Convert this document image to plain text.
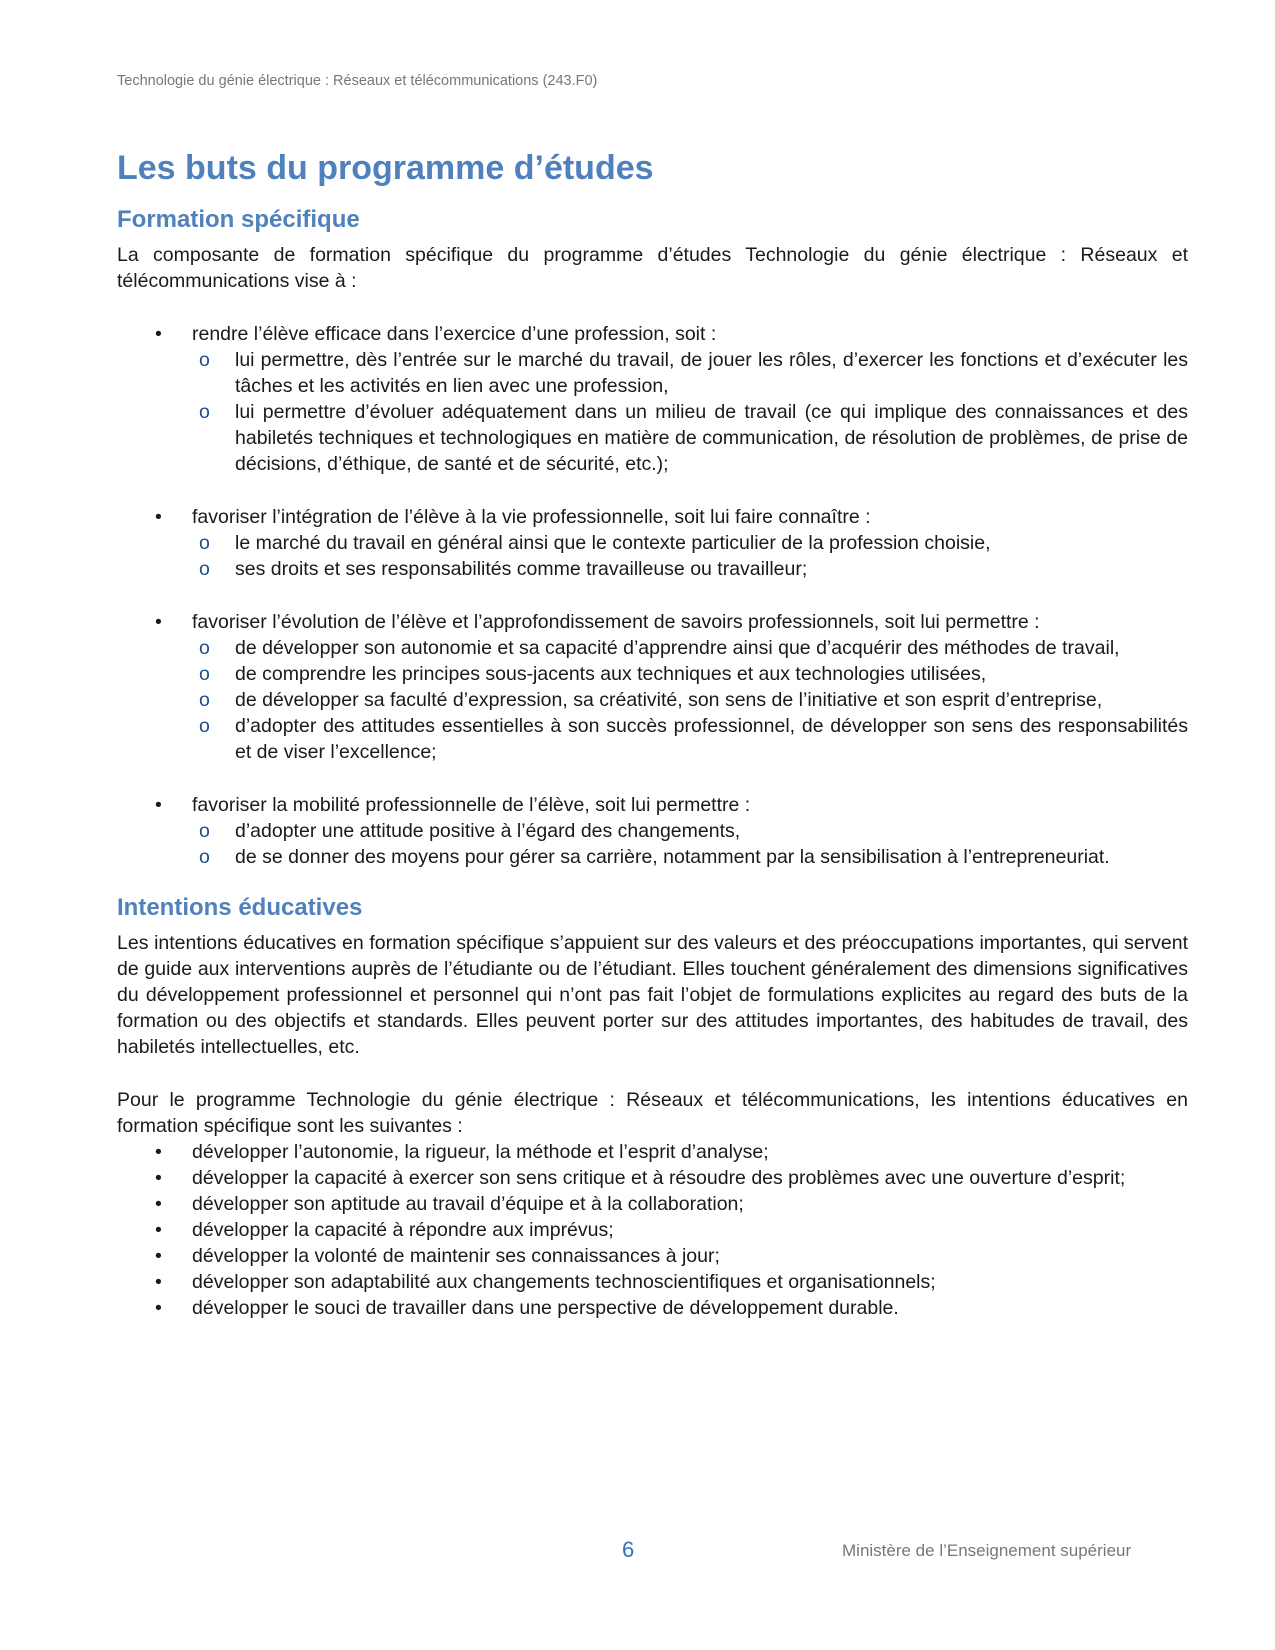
Technologie du génie électrique : Réseaux et télécommunications (243.F0)
Les buts du programme d’études
Formation spécifique

La composante de formation spécifique du programme d’études Technologie du génie électrique : Réseaux et télécommunications vise à :

• rendre l’élève efficace dans l’exercice d’une profession, soit :
o lui permettre, dès l’entrée sur le marché du travail, de jouer les rôles, d’exercer les fonctions et d’exécuter les tâches et les activités en lien avec une profession,
o lui permettre d’évoluer adéquatement dans un milieu de travail (ce qui implique des connaissances et des habiletés techniques et technologiques en matière de communication, de résolution de problèmes, de prise de décisions, d’éthique, de santé et de sécurité, etc.);
• favoriser l’intégration de l’élève à la vie professionnelle, soit lui faire connaître :
o le marché du travail en général ainsi que le contexte particulier de la profession choisie,
o ses droits et ses responsabilités comme travailleuse ou travailleur;
• favoriser l’évolution de l’élève et l’approfondissement de savoirs professionnels, soit lui permettre :
o de développer son autonomie et sa capacité d’apprendre ainsi que d’acquérir des méthodes de travail,
o de comprendre les principes sous-jacents aux techniques et aux technologies utilisées,
o de développer sa faculté d’expression, sa créativité, son sens de l’initiative et son esprit d’entreprise,
o d’adopter des attitudes essentielles à son succès professionnel, de développer son sens des responsabilités et de viser l’excellence;
• favoriser la mobilité professionnelle de l’élève, soit lui permettre :
o d’adopter une attitude positive à l’égard des changements,
o de se donner des moyens pour gérer sa carrière, notamment par la sensibilisation à l’entrepreneuriat.
Intentions éducatives

Les intentions éducatives en formation spécifique s’appuient sur des valeurs et des préoccupations importantes, qui servent de guide aux interventions auprès de l’étudiante ou de l’étudiant. Elles touchent généralement des dimensions significatives du développement professionnel et personnel qui n’ont pas fait l’objet de formulations explicites au regard des buts de la formation ou des objectifs et standards. Elles peuvent porter sur des attitudes importantes, des habitudes de travail, des habiletés intellectuelles, etc.

Pour le programme Technologie du génie électrique : Réseaux et télécommunications, les intentions éducatives en formation spécifique sont les suivantes :

• développer l’autonomie, la rigueur, la méthode et l’esprit d’analyse;
• développer la capacité à exercer son sens critique et à résoudre des problèmes avec une ouverture d’esprit;
• développer son aptitude au travail d’équipe et à la collaboration;
• développer la capacité à répondre aux imprévus;
• développer la volonté de maintenir ses connaissances à jour;
• développer son adaptabilité aux changements technoscientifiques et organisationnels;
• développer le souci de travailler dans une perspective de développement durable.
6	Ministère de l’Enseignement supérieur
